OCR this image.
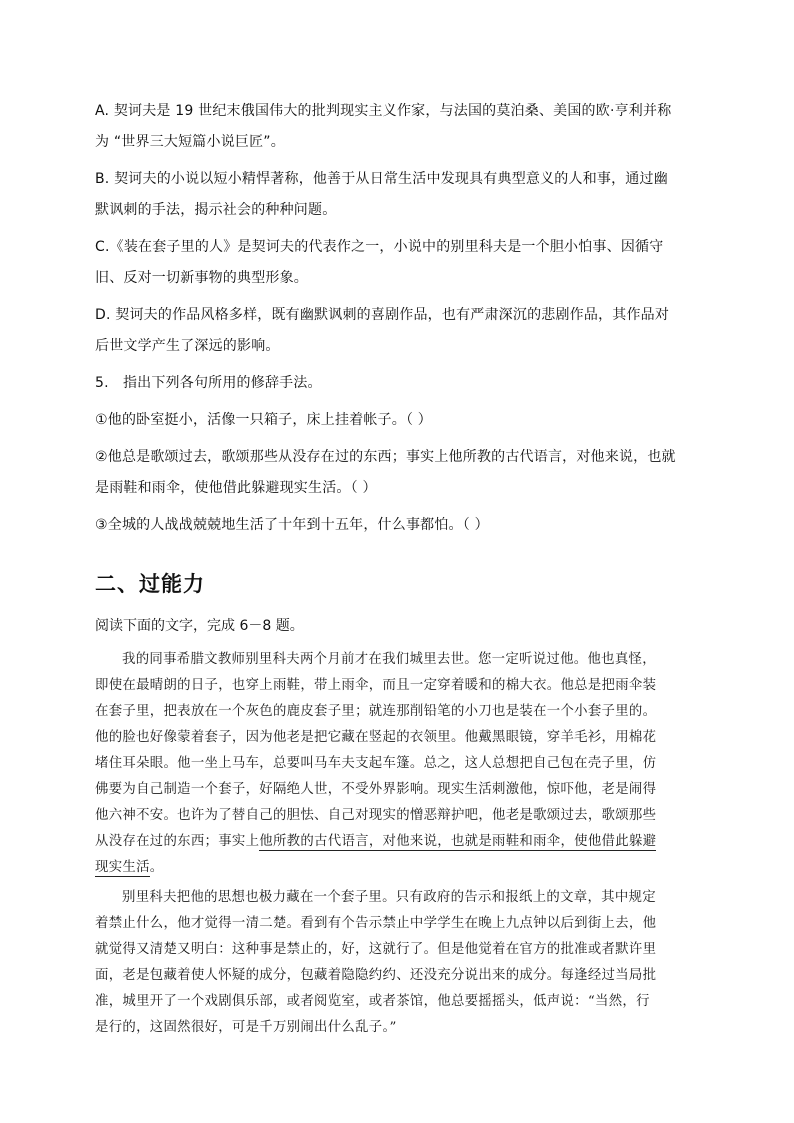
A. 契诃夫是 19 世纪末俄国伟大的批判现实主义作家，与法国的莫泊桑、美国的欧·亨利并称
为 “世界三大短篇小说巨匠”。
B. 契诃夫的小说以短小精悍著称，他善于从日常生活中发现具有典型意义的人和事，通过幽
默讽刺的手法，揭示社会的种种问题。
C.《装在套子里的人》是契诃夫的代表作之一，小说中的别里科夫是一个胆小怕事、因循守
旧、反对一切新事物的典型形象。
D. 契诃夫的作品风格多样，既有幽默讽刺的喜剧作品，也有严肃深沉的悲剧作品，其作品对
后世文学产生了深远的影响。
5.　指出下列各句所用的修辞手法。
①他的卧室挺小，活像一只箱子，床上挂着帐子。（ ）
②他总是歌颂过去，歌颂那些从没存在过的东西；事实上他所教的古代语言，对他来说，也就
是雨鞋和雨伞，使他借此躲避现实生活。（ ）
③全城的人战战兢兢地生活了十年到十五年，什么事都怕。（ ）
二、过能力
阅读下面的文字，完成 6－8 题。
我的同事希腊文教师别里科夫两个月前才在我们城里去世。您一定听说过他。他也真怪，
即使在最晴朗的日子，也穿上雨鞋，带上雨伞，而且一定穿着暖和的棉大衣。他总是把雨伞装
在套子里，把表放在一个灰色的鹿皮套子里；就连那削铅笔的小刀也是装在一个小套子里的。
他的脸也好像蒙着套子，因为他老是把它藏在竖起的衣领里。他戴黑眼镜，穿羊毛衫，用棉花
堵住耳朵眼。他一坐上马车，总要叫马车夫支起车篷。总之，这人总想把自己包在壳子里，仿
佛要为自己制造一个套子，好隔绝人世，不受外界影响。现实生活刺激他，惊吓他，老是闹得
他六神不安。也许为了替自己的胆怯、自己对现实的憎恶辩护吧，他老是歌颂过去，歌颂那些
从没存在过的东西；事实上他所教的古代语言，对他来说，也就是雨鞋和雨伞，使他借此躲避
现实生活。
别里科夫把他的思想也极力藏在一个套子里。只有政府的告示和报纸上的文章，其中规定
着禁止什么，他才觉得一清二楚。看到有个告示禁止中学学生在晚上九点钟以后到街上去，他
就觉得又清楚又明白：这种事是禁止的，好，这就行了。但是他觉着在官方的批准或者默许里
面，老是包藏着使人怀疑的成分，包藏着隐隐约约、还没充分说出来的成分。每逢经过当局批
准，城里开了一个戏剧俱乐部，或者阅览室，或者茶馆，他总要摇摇头，低声说：“当然，行
是行的，这固然很好，可是千万别闹出什么乱子。”
